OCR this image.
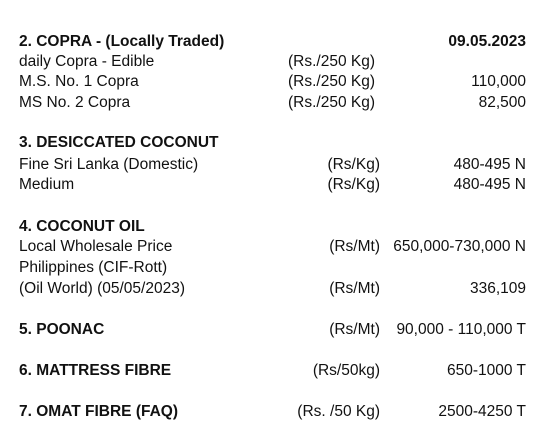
2. COPRA - (Locally Traded)	09.05.2023
daily Copra - Edible	(Rs./250 Kg)
M.S. No. 1 Copra	(Rs./250 Kg)	110,000
MS No. 2 Copra	(Rs./250 Kg)	82,500
3. DESICCATED COCONUT
Fine Sri Lanka (Domestic)	(Rs/Kg)	480-495 N
Medium	(Rs/Kg)	480-495 N
4. COCONUT OIL
Local Wholesale Price	(Rs/Mt) 650,000-730,000 N
Philippines (CIF-Rott)
(Oil World) (05/05/2023)	(Rs/Mt)	336,109
5. POONAC	(Rs/Mt) 90,000 - 110,000 T
6. MATTRESS FIBRE	(Rs/50kg)	650-1000 T
7. OMAT FIBRE (FAQ)	(Rs. /50 Kg)	2500-4250 T
